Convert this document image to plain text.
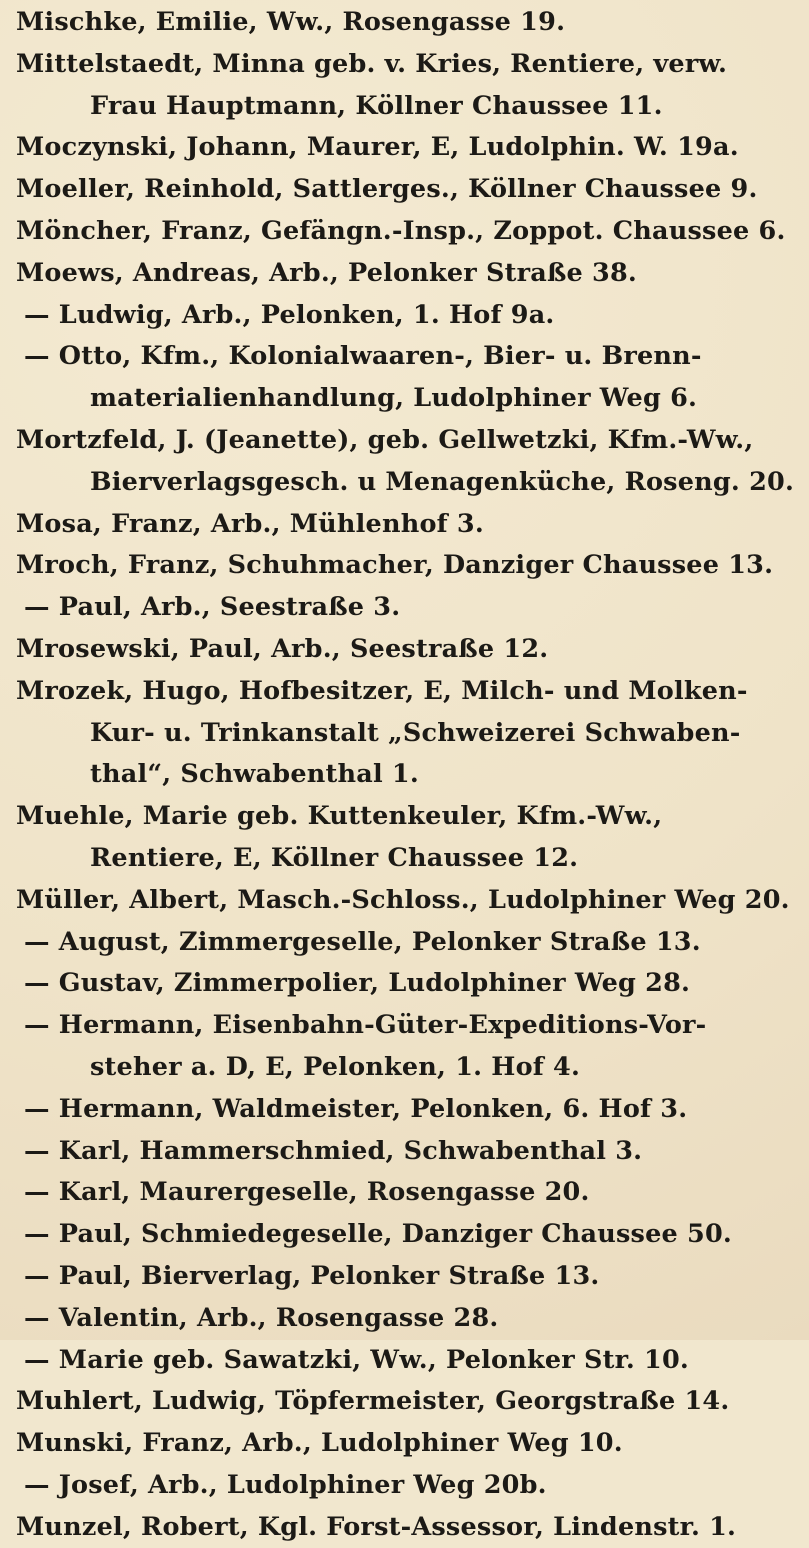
Mischke, Emilie, Ww., Rosengasse 19.
Mittelstaedt, Minna geb. v. Kries, Rentiere, verw.
Frau Hauptmann, Köllner Chaussee 11.
Moczynski, Johann, Maurer, E, Ludolphin. W. 19a.
Moeller, Reinhold, Sattlerges., Köllner Chaussee 9.
Möncher, Franz, Gefängn.-Insp., Zoppot. Chaussee 6.
Moews, Andreas, Arb., Pelonker Straße 38.
— Ludwig, Arb., Pelonken, 1. Hof 9a.
— Otto, Kfm., Kolonialwaaren-, Bier- u. Brenn-
materialienhandlung, Ludolphiner Weg 6.
Mortzfeld, J. (Jeanette), geb. Gellwetzki, Kfm.-Ww.,
Bierverlagsgesch. u Menagenküche, Roseng. 20.
Mosa, Franz, Arb., Mühlenhof 3.
Mroch, Franz, Schuhmacher, Danziger Chaussee 13.
— Paul, Arb., Seestraße 3.
Mrosewski, Paul, Arb., Seestraße 12.
Mrozek, Hugo, Hofbesitzer, E, Milch- und Molken-
Kur- u. Trinkanstalt „Schweizerei Schwaben-
thal“, Schwabenthal 1.
Muehle, Marie geb. Kuttenkeuler, Kfm.-Ww.,
Rentiere, E, Köllner Chaussee 12.
Müller, Albert, Masch.-Schloss., Ludolphiner Weg 20.
— August, Zimmergeselle, Pelonker Straße 13.
— Gustav, Zimmerpolier, Ludolphiner Weg 28.
— Hermann, Eisenbahn-Güter-Expeditions-Vor-
steher a. D, E, Pelonken, 1. Hof 4.
— Hermann, Waldmeister, Pelonken, 6. Hof 3.
— Karl, Hammerschmied, Schwabenthal 3.
— Karl, Maurergeselle, Rosengasse 20.
— Paul, Schmiedegeselle, Danziger Chaussee 50.
— Paul, Bierverlag, Pelonker Straße 13.
— Valentin, Arb., Rosengasse 28.
— Marie geb. Sawatzki, Ww., Pelonker Str. 10.
Muhlert, Ludwig, Töpfermeister, Georgstraße 14.
Munski, Franz, Arb., Ludolphiner Weg 10.
— Josef, Arb., Ludolphiner Weg 20b.
Munzel, Robert, Kgl. Forst-Assessor, Lindenstr. 1.
